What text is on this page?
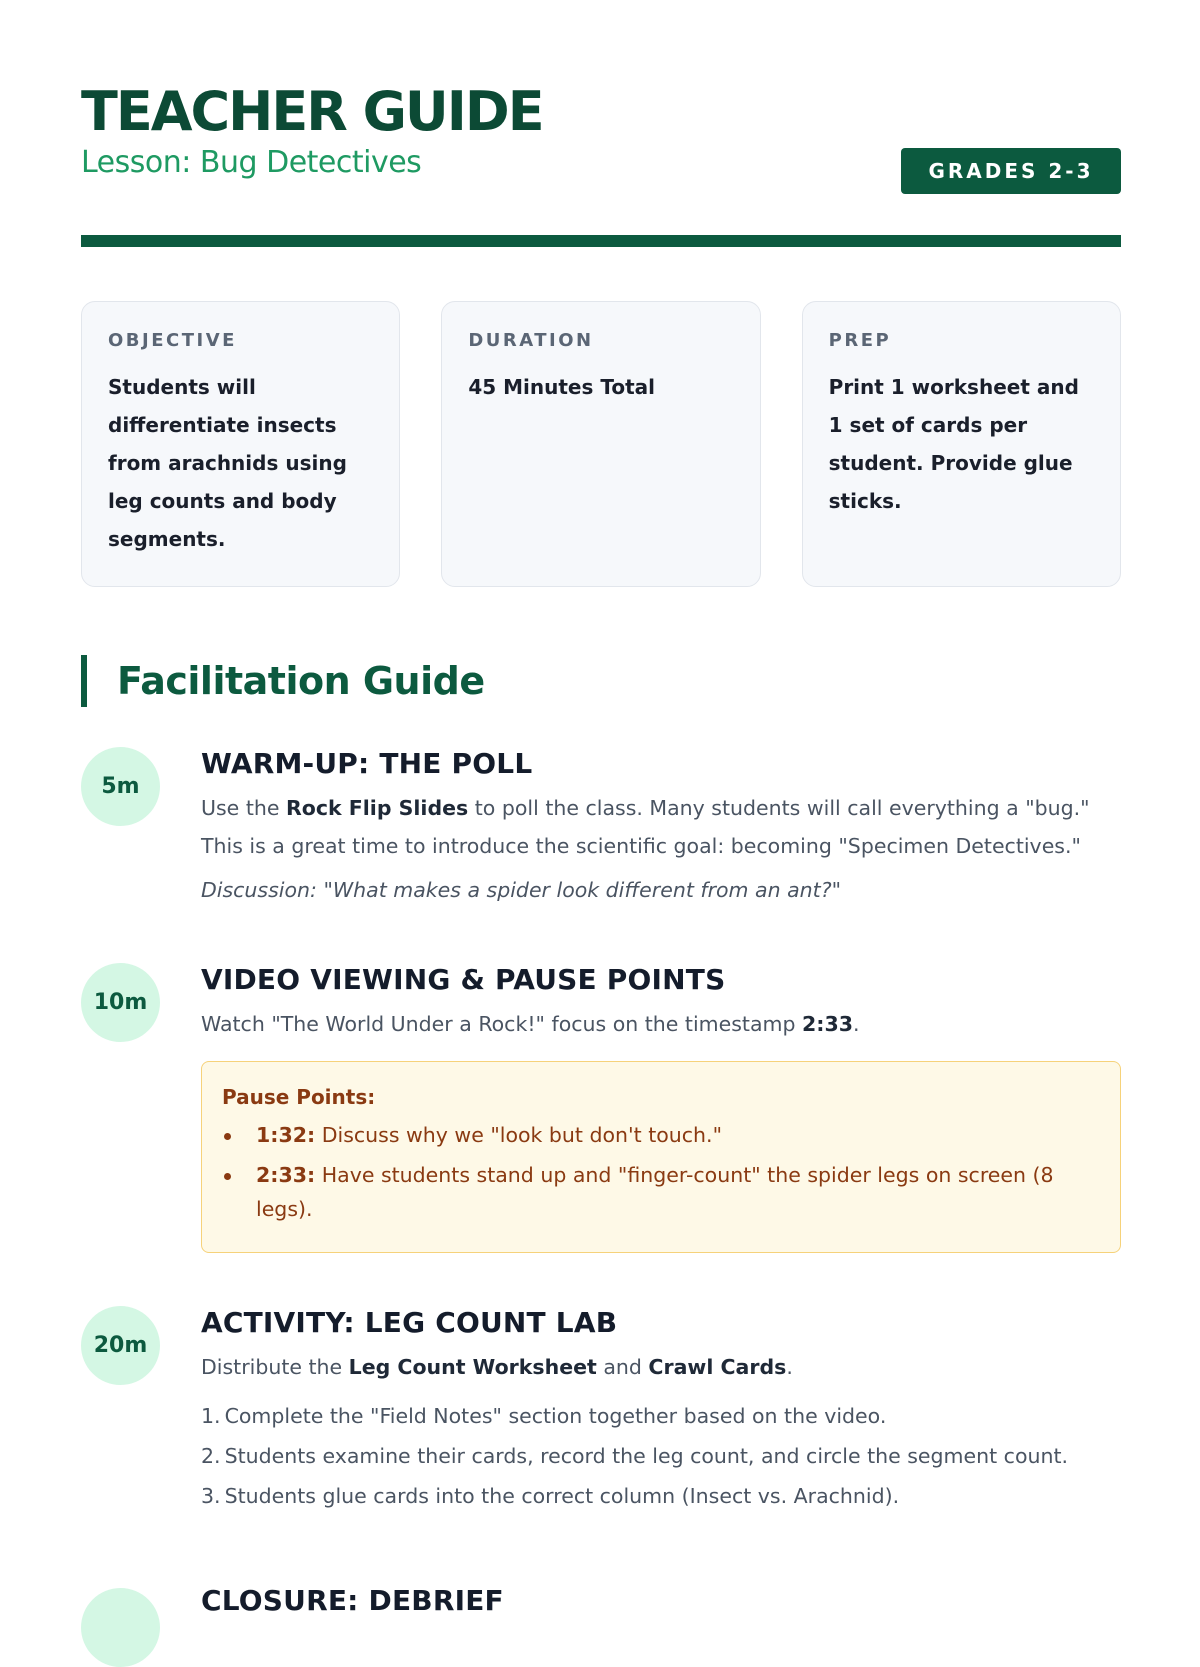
TEACHER GUIDE
Lesson: Bug Detectives	GRADES 2-3
OBJECTIVE
Students will differentiate insects from arachnids using leg counts and body segments.
DURATION
45 Minutes Total
PREP
Print 1 worksheet and 1 set of cards per student. Provide glue sticks.
Facilitation Guide
5m
WARM-UP: THE POLL
Use the Rock Flip Slides to poll the class. Many students will call everything a "bug." This is a great time to introduce the scientific goal: becoming "Specimen Detectives."
Discussion: "What makes a spider look different from an ant?"
10m
VIDEO VIEWING & PAUSE POINTS
Watch "The World Under a Rock!" focus on the timestamp 2:33.
Pause Points:
1:32: Discuss why we "look but don't touch."
2:33: Have students stand up and "finger-count" the spider legs on screen (8 legs).
20m
ACTIVITY: LEG COUNT LAB
Distribute the Leg Count Worksheet and Crawl Cards.
1. Complete the "Field Notes" section together based on the video.
2. Students examine their cards, record the leg count, and circle the segment count.
3. Students glue cards into the correct column (Insect vs. Arachnid).
CLOSURE: DEBRIEF
